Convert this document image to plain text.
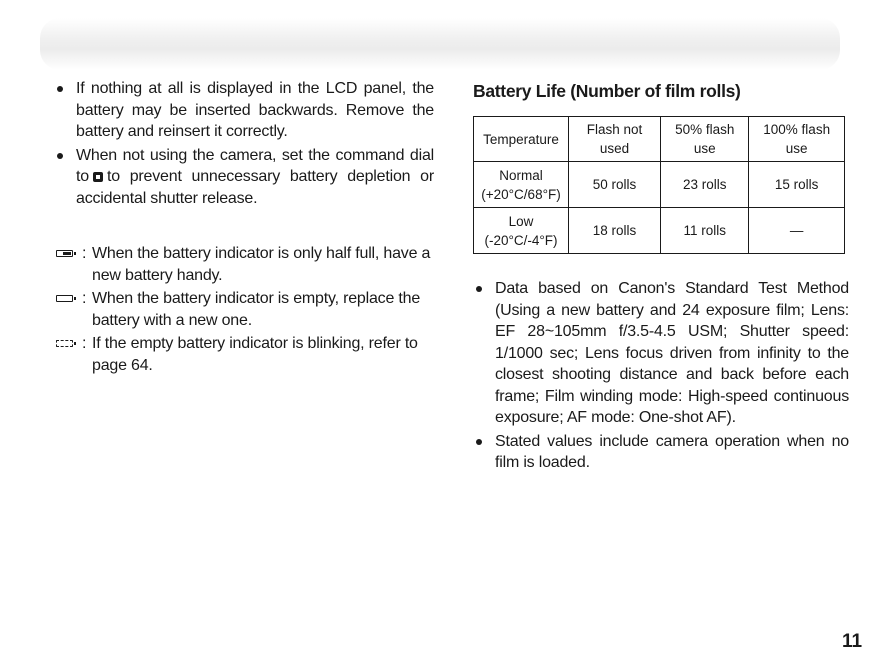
If nothing at all is displayed in the LCD panel, the battery may be inserted backwards. Remove the battery and reinsert it correctly.
When not using the camera, set the command dial to to prevent unnecessary battery depletion or accidental shutter release.
: When the battery indicator is only half full, have a new battery handy.
: When the battery indicator is empty, replace the battery with a new one.
: If the empty battery indicator is blinking, refer to page 64.
Battery Life (Number of film rolls)
Temperature	Flash not used	50% flash use	100% flash use
Normal (+20°C/68°F)	50 rolls	23 rolls	15 rolls
Low (-20°C/-4°F)	18 rolls	11 rolls	—
Data based on Canon's Standard Test Method (Using a new battery and 24 exposure film; Lens: EF 28~105mm f/3.5-4.5 USM; Shutter speed: 1/1000 sec; Lens focus driven from infinity to the closest shooting distance and back before each frame; Film winding mode: High-speed continuous exposure; AF mode: One-shot AF).
Stated values include camera operation when no film is loaded.
11
